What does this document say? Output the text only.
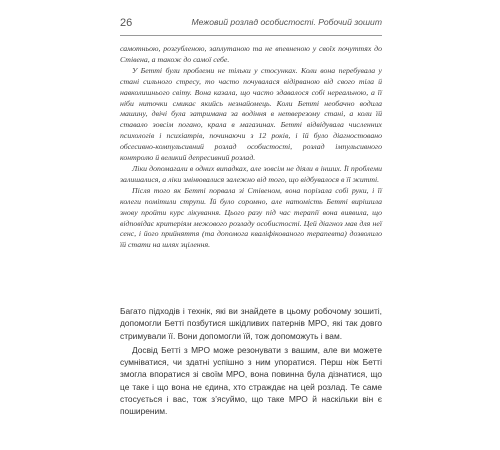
26	Межовий розлад особистості. Робочий зошит

самотньою, розгубленою, заплутаною та не впевненою у своїх почуттях до Стівена, а також до самої себе.

У Бетті були проблеми не тільки у стосунках. Коли вона перебувала у стані сильного стресу, то часто почувалася відірваною від свого тіла й навколишнього світу. Вона казала, що часто здавалося собі нереальною, а її ніби ниточки смикає якийсь незнайомець. Коли Бетті необачно водила машину, двічі була затримана за водіння в нетверезому стані, а коли їй ставало зовсім погано, крала в магазинах. Бетті відвідувала численних психологів і психіатрів, починаючи з 12 років, і їй було діагностовано обсесивно-компульсивний розлад особистості, розлад імпульсивного контролю й великий депресивний розлад.

Ліки допомагали в одних випадках, але зовсім не діяли в інших. Її проблеми залишалися, а ліки змінювалися залежно від того, що відбувалося в її житті.

Після того як Бетті порвала зі Стівеном, вона порізала собі руки, і її колеги помітили струпи. Їй було соромно, але натомість Бетті вирішила знову пройти курс лікування. Цього разу під час терапії вона виявила, що відповідає критеріям межового розладу особистості. Цей діагноз мав для неї сенс, і його прийняття (та допомога кваліфікованого терапевта) дозволило їй стати на шлях зцілення.

Багато підходів і технік, які ви знайдете в цьому робочому зошиті, допомогли Бетті позбутися шкідливих патернів МРО, які так довго стримували її. Вони допомогли їй, тож допоможуть і вам.

Досвід Бетті з МРО може резонувати з вашим, але ви можете сумніватися, чи здатні успішно з ним упоратися. Перш ніж Бетті змогла впоратися зі своїм МРО, вона повинна була дізнатися, що це таке і що вона не єдина, хто страждає на цей розлад. Те саме стосується і вас, тож з’ясуймо, що таке МРО й наскільки він є поширеним.
